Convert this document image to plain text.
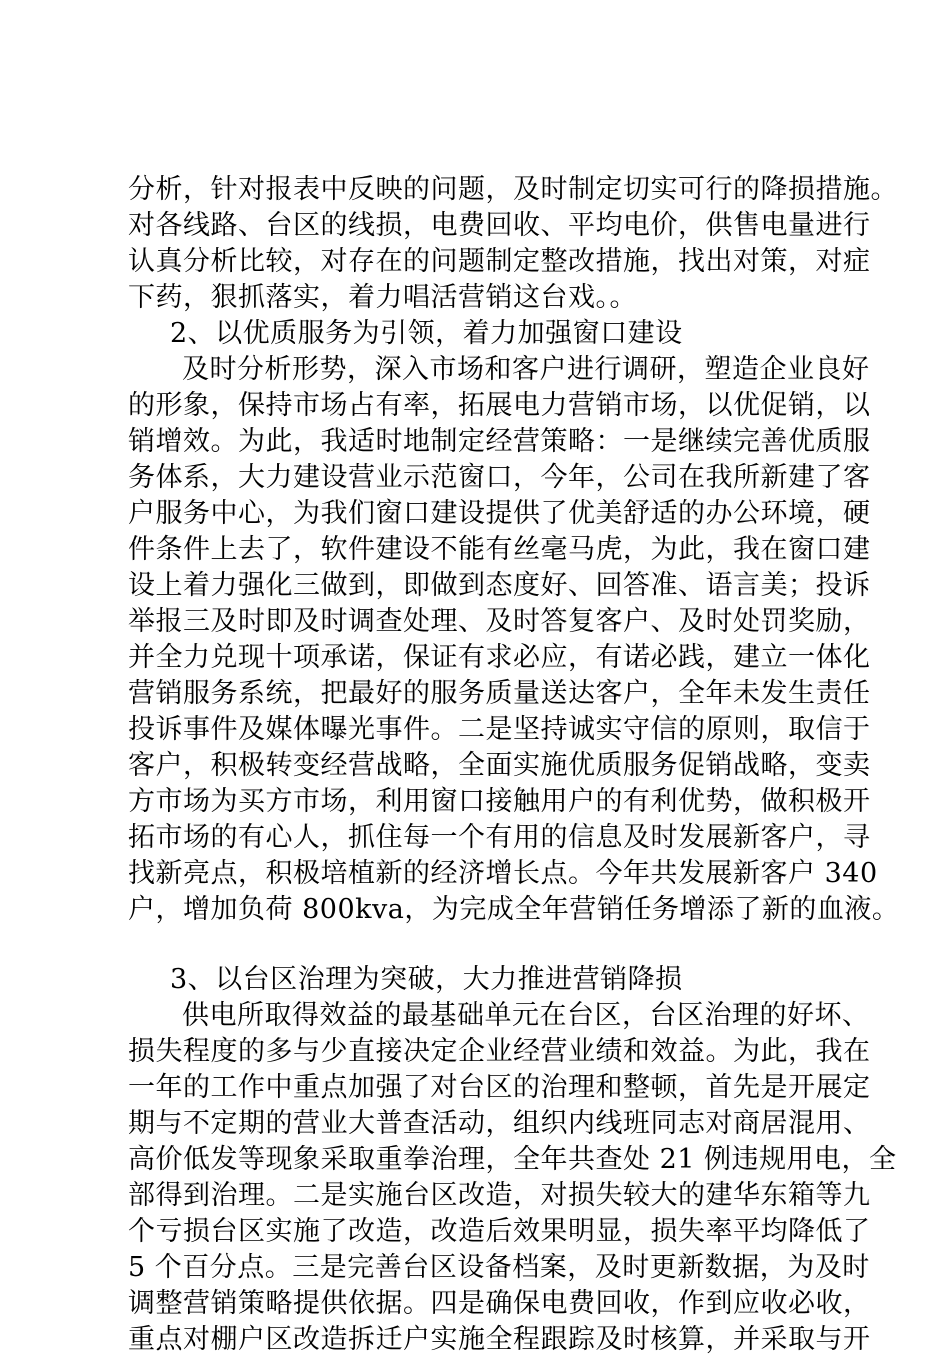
分析，针对报表中反映的问题，及时制定切实可行的降损措施。
对各线路、台区的线损，电费回收、平均电价，供售电量进行
认真分析比较，对存在的问题制定整改措施，找出对策，对症
下药，狠抓落实，着力唱活营销这台戏。。
2、以优质服务为引领，着力加强窗口建设
及时分析形势，深入市场和客户进行调研，塑造企业良好
的形象，保持市场占有率，拓展电力营销市场，以优促销，以
销增效。为此，我适时地制定经营策略：一是继续完善优质服
务体系，大力建设营业示范窗口，今年，公司在我所新建了客
户服务中心，为我们窗口建设提供了优美舒适的办公环境，硬
件条件上去了，软件建设不能有丝毫马虎，为此，我在窗口建
设上着力强化三做到，即做到态度好、回答准、语言美；投诉
举报三及时即及时调查处理、及时答复客户、及时处罚奖励，
并全力兑现十项承诺，保证有求必应，有诺必践，建立一体化
营销服务系统，把最好的服务质量送达客户，全年未发生责任
投诉事件及媒体曝光事件。二是坚持诚实守信的原则，取信于
客户，积极转变经营战略，全面实施优质服务促销战略，变卖
方市场为买方市场，利用窗口接触用户的有利优势，做积极开
拓市场的有心人，抓住每一个有用的信息及时发展新客户，寻
找新亮点，积极培植新的经济增长点。今年共发展新客户 340
户，增加负荷 800kva，为完成全年营销任务增添了新的血液。
3、以台区治理为突破，大力推进营销降损
供电所取得效益的最基础单元在台区，台区治理的好坏、
损失程度的多与少直接决定企业经营业绩和效益。为此，我在
一年的工作中重点加强了对台区的治理和整顿，首先是开展定
期与不定期的营业大普查活动，组织内线班同志对商居混用、
高价低发等现象采取重拳治理，全年共查处 21 例违规用电，全
部得到治理。二是实施台区改造，对损失较大的建华东箱等九
个亏损台区实施了改造，改造后效果明显，损失率平均降低了
5 个百分点。三是完善台区设备档案，及时更新数据，为及时
调整营销策略提供依据。四是确保电费回收，作到应收必收，
重点对棚户区改造拆迁户实施全程跟踪及时核算，并采取与开
